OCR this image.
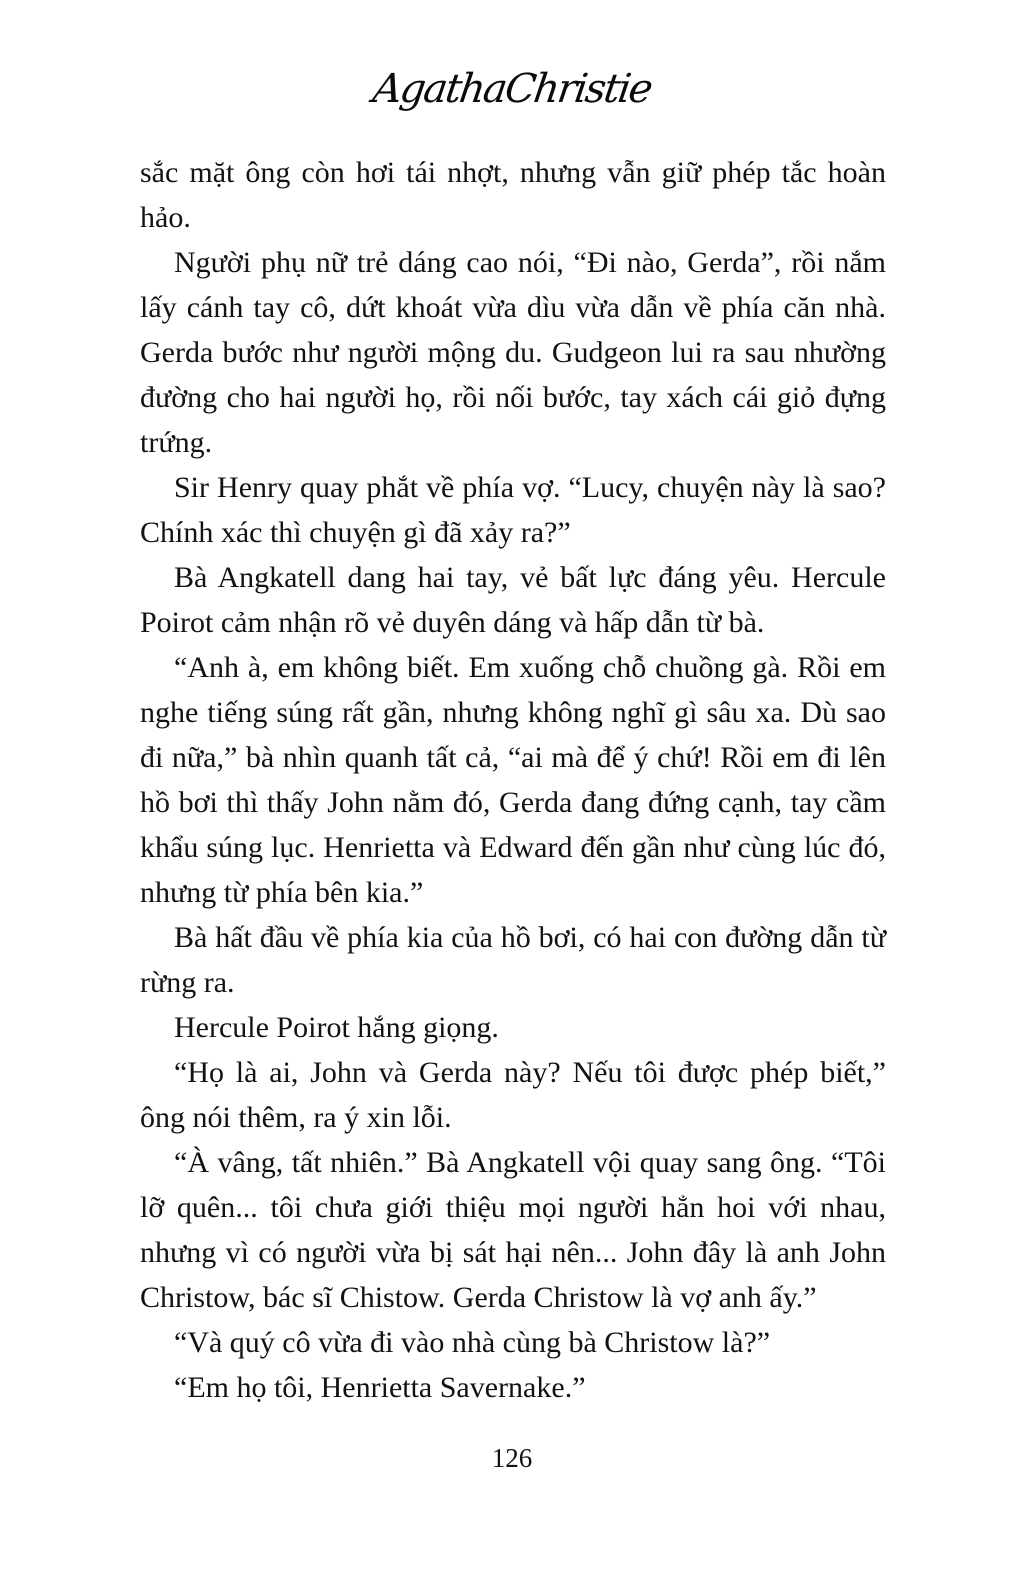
AgathaChristie

sắc mặt ông còn hơi tái nhợt, nhưng vẫn giữ phép tắc hoàn hảo.

Người phụ nữ trẻ dáng cao nói, “Đi nào, Gerda”, rồi nắm lấy cánh tay cô, dứt khoát vừa dìu vừa dẫn về phía căn nhà. Gerda bước như người mộng du. Gudgeon lui ra sau nhường đường cho hai người họ, rồi nối bước, tay xách cái giỏ đựng trứng.

Sir Henry quay phắt về phía vợ. “Lucy, chuyện này là sao? Chính xác thì chuyện gì đã xảy ra?”

Bà Angkatell dang hai tay, vẻ bất lực đáng yêu. Hercule Poirot cảm nhận rõ vẻ duyên dáng và hấp dẫn từ bà.

“Anh à, em không biết. Em xuống chỗ chuồng gà. Rồi em nghe tiếng súng rất gần, nhưng không nghĩ gì sâu xa. Dù sao đi nữa,” bà nhìn quanh tất cả, “ai mà để ý chứ! Rồi em đi lên hồ bơi thì thấy John nằm đó, Gerda đang đứng cạnh, tay cầm khẩu súng lục. Henrietta và Edward đến gần như cùng lúc đó, nhưng từ phía bên kia.”

Bà hất đầu về phía kia của hồ bơi, có hai con đường dẫn từ rừng ra.

Hercule Poirot hắng giọng.

“Họ là ai, John và Gerda này? Nếu tôi được phép biết,” ông nói thêm, ra ý xin lỗi.

“À vâng, tất nhiên.” Bà Angkatell vội quay sang ông. “Tôi lỡ quên... tôi chưa giới thiệu mọi người hẳn hoi với nhau, nhưng vì có người vừa bị sát hại nên... John đây là anh John Christow, bác sĩ Chistow. Gerda Christow là vợ anh ấy.”

“Và quý cô vừa đi vào nhà cùng bà Christow là?”

“Em họ tôi, Henrietta Savernake.”

126
